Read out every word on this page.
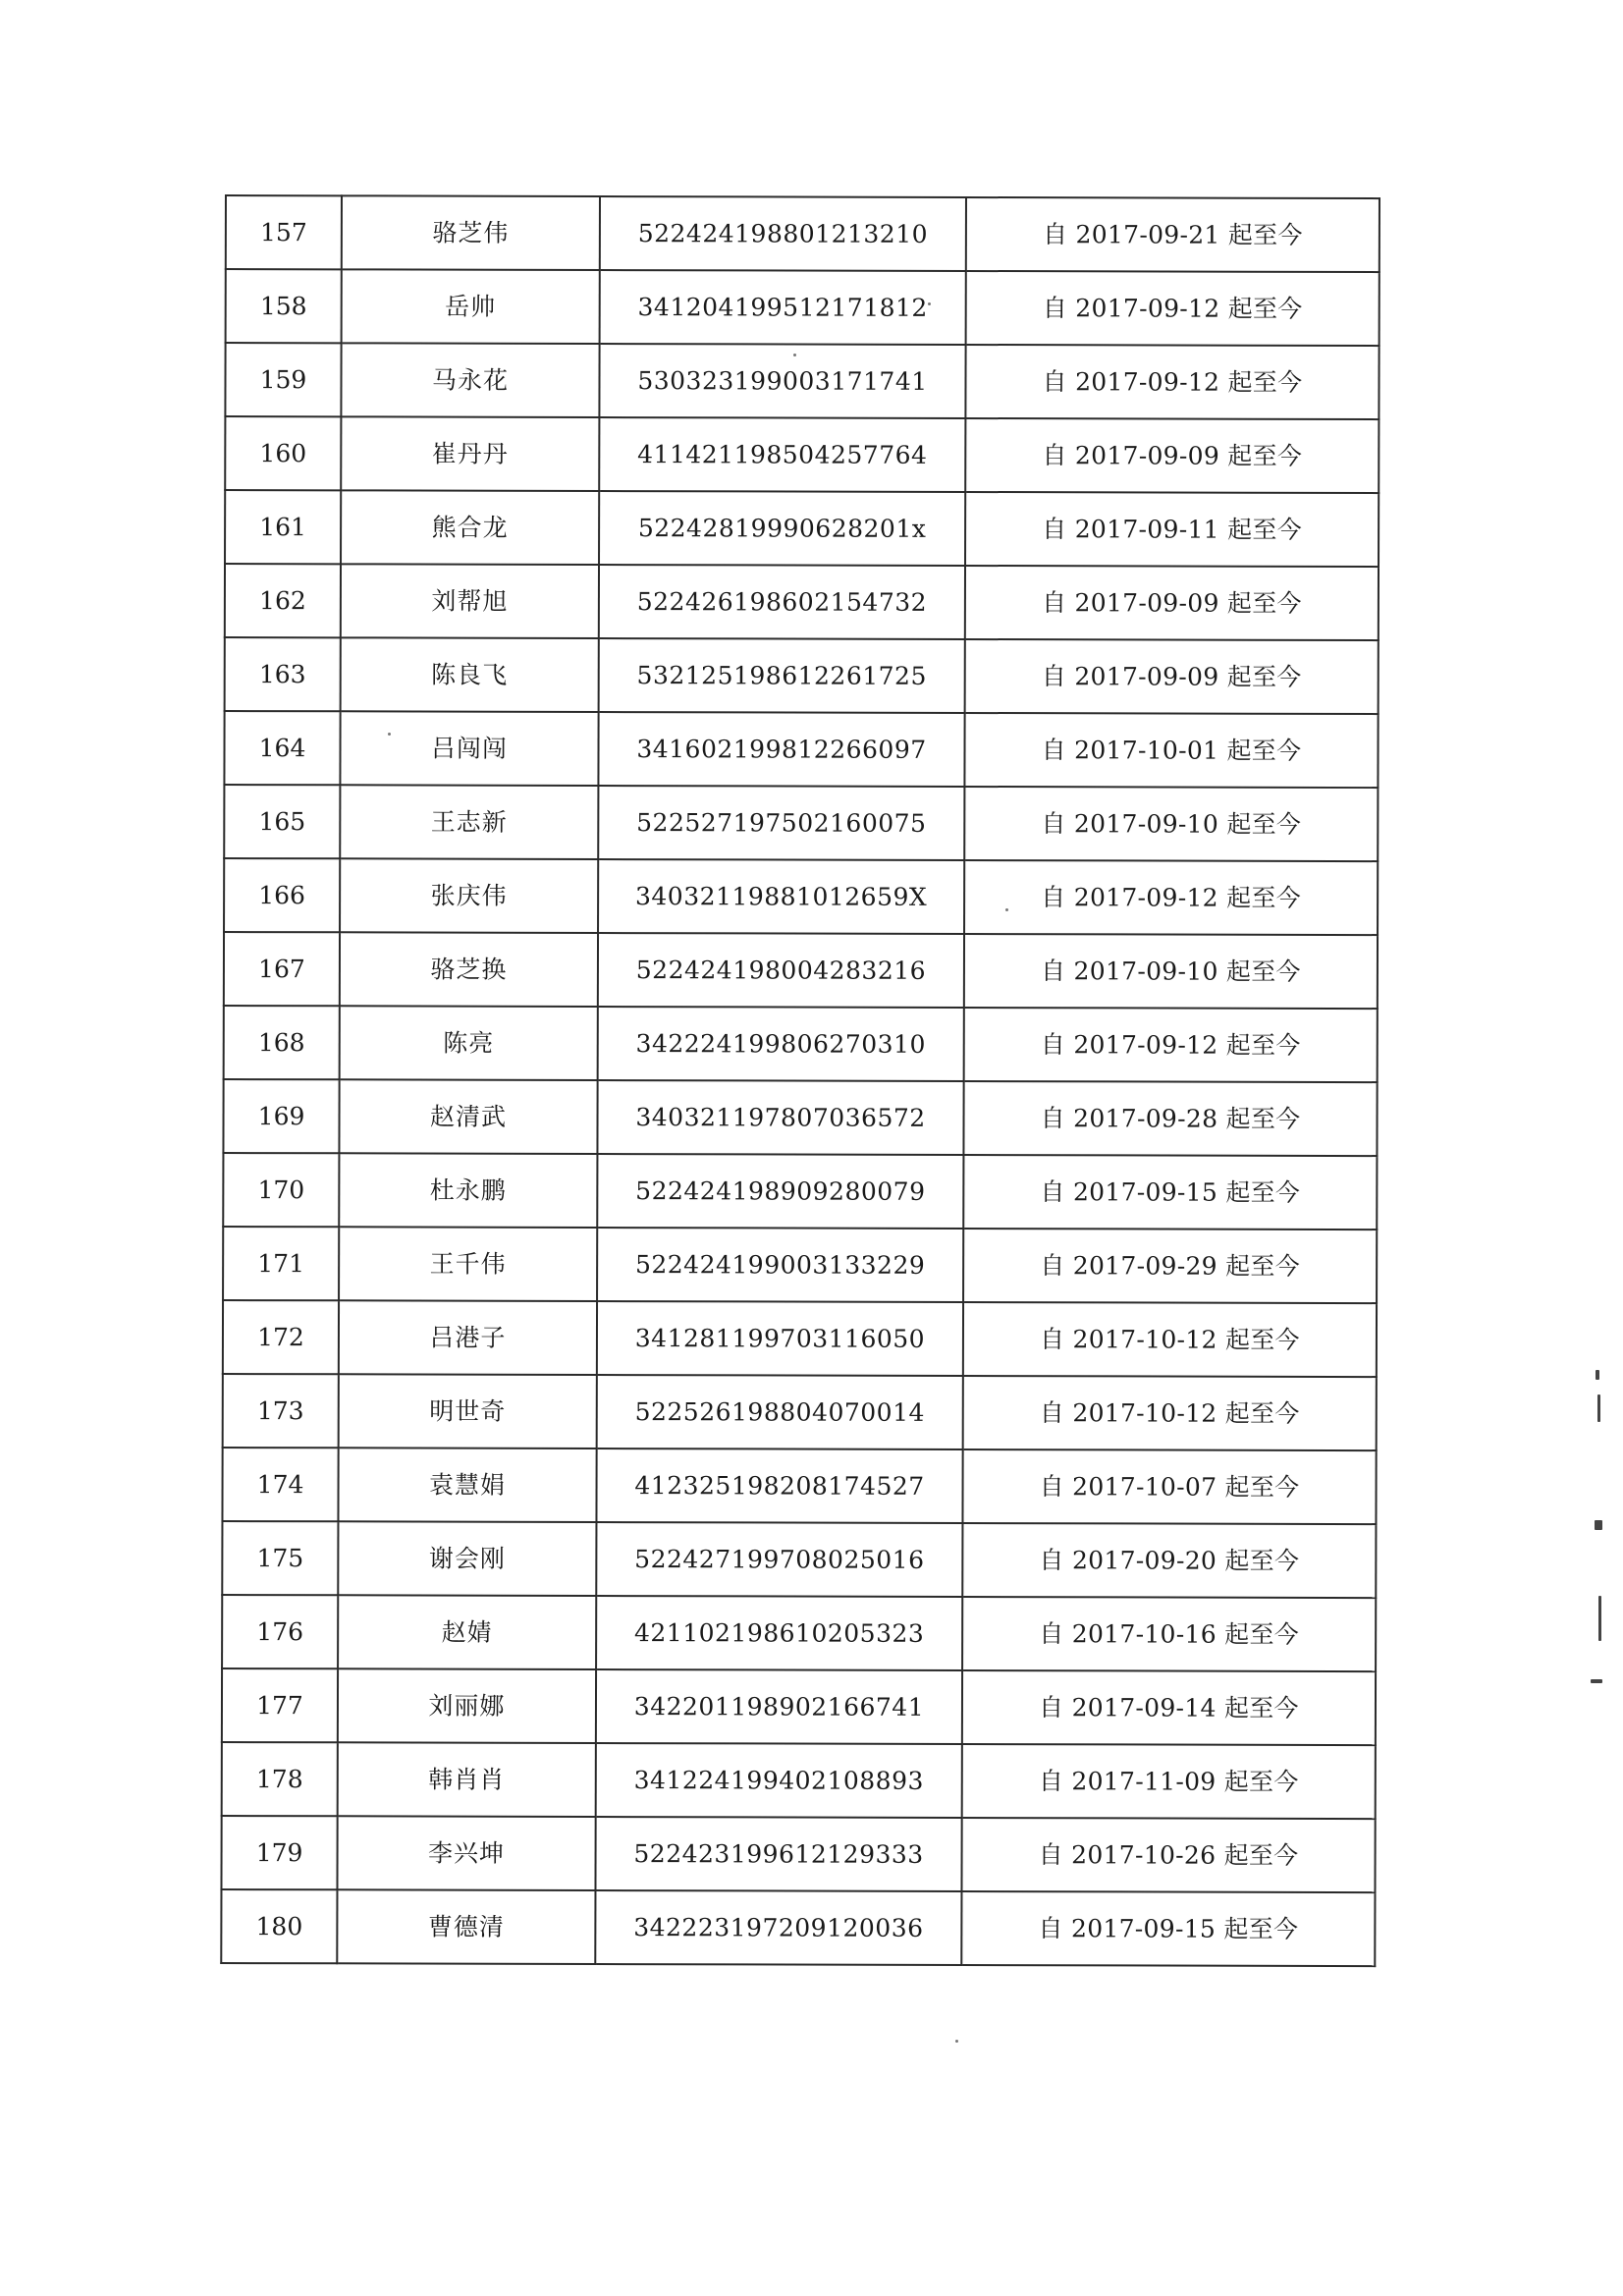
157	骆芝伟	522424198801213210	自 2017-09-21 起至今
158	岳帅	341204199512171812	自 2017-09-12 起至今
159	马永花	530323199003171741	自 2017-09-12 起至今
160	崔丹丹	411421198504257764	自 2017-09-09 起至今
161	熊合龙	52242819990628201x	自 2017-09-11 起至今
162	刘帮旭	522426198602154732	自 2017-09-09 起至今
163	陈良飞	532125198612261725	自 2017-09-09 起至今
164	吕闯闯	341602199812266097	自 2017-10-01 起至今
165	王志新	522527197502160075	自 2017-09-10 起至今
166	张庆伟	34032119881012659X	自 2017-09-12 起至今
167	骆芝换	522424198004283216	自 2017-09-10 起至今
168	陈亮	342224199806270310	自 2017-09-12 起至今
169	赵清武	340321197807036572	自 2017-09-28 起至今
170	杜永鹏	522424198909280079	自 2017-09-15 起至今
171	王千伟	522424199003133229	自 2017-09-29 起至今
172	吕港子	341281199703116050	自 2017-10-12 起至今
173	明世奇	522526198804070014	自 2017-10-12 起至今
174	袁慧娟	412325198208174527	自 2017-10-07 起至今
175	谢会刚	522427199708025016	自 2017-09-20 起至今
176	赵婧	421102198610205323	自 2017-10-16 起至今
177	刘丽娜	342201198902166741	自 2017-09-14 起至今
178	韩肖肖	341224199402108893	自 2017-11-09 起至今
179	李兴坤	522423199612129333	自 2017-10-26 起至今
180	曹德清	342223197209120036	自 2017-09-15 起至今
